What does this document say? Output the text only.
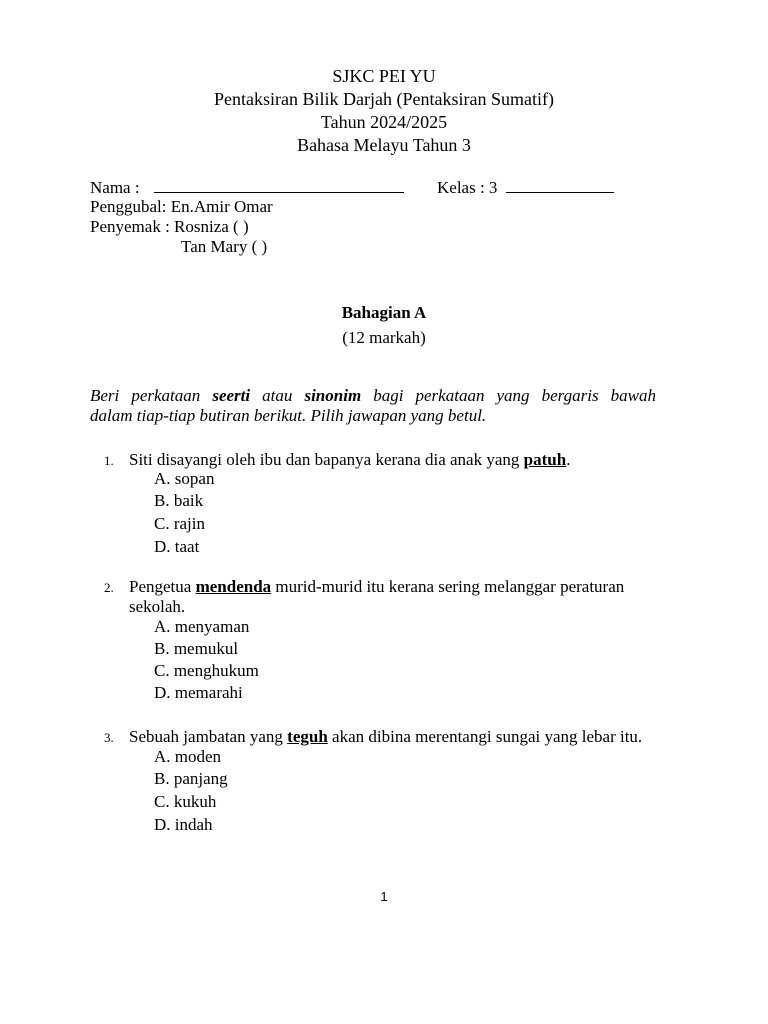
SJKC PEI YU
Pentaksiran Bilik Darjah (Pentaksiran Sumatif)
Tahun 2024/2025
Bahasa Melayu Tahun 3
Nama :	Kelas : 3
Penggubal: En.Amir Omar
Penyemak : Rosniza ( )
Tan Mary ( )
Bahagian A
(12 markah)
Beri perkataan seerti atau sinonim bagi perkataan yang bergaris bawah
dalam tiap-tiap butiran berikut. Pilih jawapan yang betul.
1. Siti disayangi oleh ibu dan bapanya kerana dia anak yang patuh.
A. sopan
B. baik
C. rajin
D. taat
2. Pengetua mendenda murid-murid itu kerana sering melanggar peraturan
sekolah.
A. menyaman
B. memukul
C. menghukum
D. memarahi
3. Sebuah jambatan yang teguh akan dibina merentangi sungai yang lebar itu.
A. moden
B. panjang
C. kukuh
D. indah
1
